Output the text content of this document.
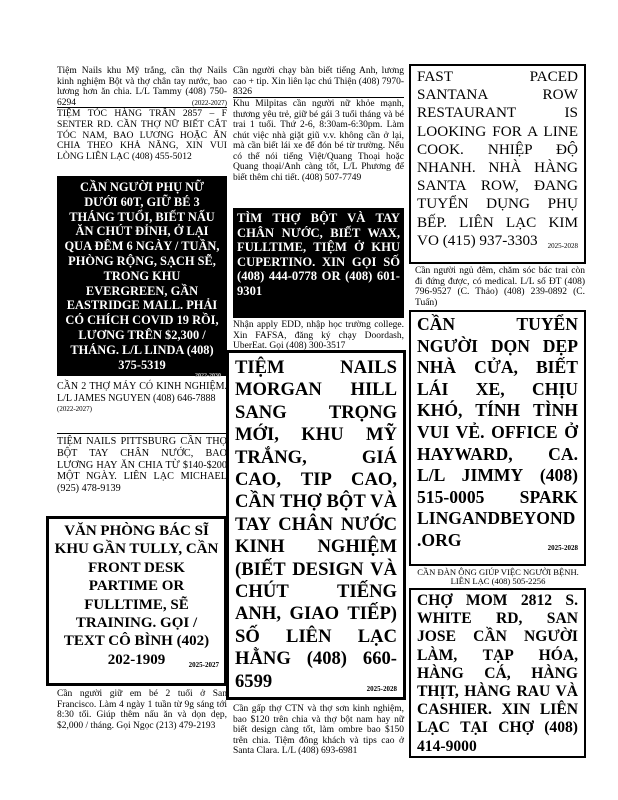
Tiệm Nails khu Mỹ trắng, cần thợ Nails kinh nghiệm Bột và thợ chân tay nước, bao lương hơn ăn chia. L/L Tammy (408) 750-6294	(2022-2027)
TIỆM TÓC HÀNG TRÂN 2857 – F SENTER RD. CẦN THỢ NỮ BIẾT CẮT TÓC NAM, BAO LƯƠNG HOẶC ĂN CHIA THEO KHẢ NĂNG, XIN VUI LÒNG LIÊN LẠC (408) 455-5012
CẦN NGƯỜI PHỤ NỮ DƯỚI 60T, GIỮ BÉ 3 THÁNG TUỔI, BIẾT NẤU ĂN CHÚT ĐỈNH, Ở LẠI QUA ĐÊM 6 NGÀY / TUẦN, PHÒNG RỘNG, SẠCH SẼ, TRONG KHU EVERGREEN, GẦN EASTRIDGE MALL. PHẢI CÓ CHÍCH COVID 19 RỒI, LƯƠNG TRÊN $2,300 / THÁNG. L/L LINDA (408) 375-5319
2022-2030
CẦN 2 THỢ MÁY CÓ KINH NGHIỆM. L/L JAMES NGUYEN (408) 646-7888
(2022-2027)
TIỆM NAILS PITTSBURG CẦN THỢ BỘT TAY CHÂN NƯỚC, BAO LƯƠNG HAY ĂN CHIA TỪ $140-$200 MỘT NGÀY. LIÊN LẠC MICHAEL (925) 478-9139
VĂN PHÒNG BÁC SĨ KHU GẦN TULLY, CẦN FRONT DESK PARTIME OR FULLTIME, SẼ TRAINING. GỌI / TEXT CÔ BÌNH (402) 202-1909	2025-2027
Cần người giữ em bé 2 tuổi ở San Francisco. Làm 4 ngày 1 tuần từ 9g sáng tới 8:30 tối. Giúp thêm nấu ăn và dọn dẹp, $2,000 / tháng. Gọi Ngọc (213) 479-2193
Cần người chạy bàn biết tiếng Anh, lương cao + tip. Xin liên lạc chú Thiện (408) 7970-8326
Khu Milpitas cần người nữ khỏe mạnh, thương yêu trẻ, giữ bé gái 3 tuổi tháng và bé trai 1 tuổi. Thứ 2-6, 8:30am-6:30pm. Làm chút việc nhà giặt giũ v.v. không cần ở lại, mà cần biết lái xe để đón bé từ trường. Nếu có thể nói tiếng Việt/Quang Thoại hoặc Quang thoại/Anh càng tốt, L/L Phương để biết thêm chi tiết. (408) 507-7749
TÌM THỢ BỘT VÀ TAY CHÂN NƯỚC, BIẾT WAX, FULLTIME, TIỆM Ở KHU CUPERTINO. XIN GỌI SỐ (408) 444-0778 OR (408) 601-9301
Nhận apply EDD, nhập học trường college. Xin FAFSA, đăng ký chạy Doordash, UberEat. Gọi (408) 300-3517
TIỆM NAILS MORGAN HILL SANG TRỌNG MỚI, KHU MỸ TRẮNG, GIÁ CAO, TIP CAO, CẦN THỢ BỘT VÀ TAY CHÂN NƯỚC KINH NGHIỆM (BIẾT DESIGN VÀ CHÚT TIẾNG ANH, GIAO TIẾP) SỐ LIÊN LẠC HẰNG (408) 660-6599	2025-2028
Cần gấp thợ CTN và thợ sơn kinh nghiệm, bao $120 trên chia và thợ bột nam hay nữ biết design càng tốt, làm ombre bao $150 trên chia. Tiệm đông khách và tips cao ở Santa Clara. L/L (408) 693-6981
FAST PACED SANTANA ROW RESTAURANT IS LOOKING FOR A LINE COOK. NHIỆP ĐỘ NHANH. NHÀ HÀNG SANTA ROW, ĐANG TUYỂN DỤNG PHỤ BẾP. LIÊN LẠC KIM VO (415) 937-3303	2025-2028
Cần người ngủ đêm, chăm sóc bác trai còn đi đứng được, có medical. L/L số ĐT (408) 796-9527 (C. Thảo) (408) 239-0892 (C. Tuấn)
CẦN TUYỂN NGƯỜI DỌN DẸP NHÀ CỬA, BIẾT LÁI XE, CHỊU KHÓ, TÍNH TÌNH VUI VẺ. OFFICE Ở HAYWARD, CA. L/L JIMMY (408) 515-0005 SPARK LINGANDBEYOND .ORG	2025-2028
CẦN ĐÀN ÔNG GIÚP VIỆC NGƯỜI BỆNH. LIÊN LẠC (408) 505-2256
CHỢ MOM 2812 S. WHITE RD, SAN JOSE CẦN NGƯỜI LÀM, TẠP HÓA, HÀNG CÁ, HÀNG THỊT, HÀNG RAU VÀ CASHIER. XIN LIÊN LẠC TẠI CHỢ (408) 414-9000
